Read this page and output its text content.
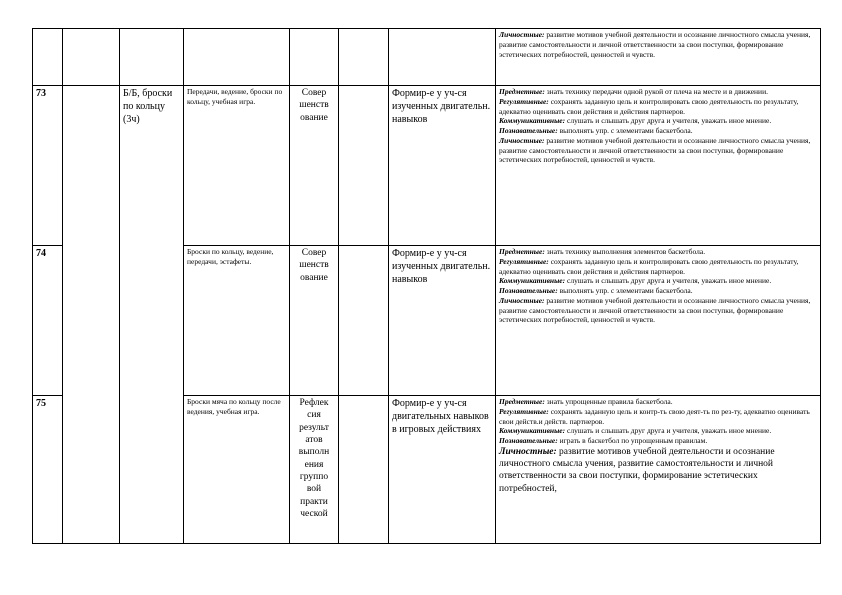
							Личностные: развитие мотивов учебной деятельности и осознание личностного смысла учения, развитие самостоятельности и личной ответственности за свои поступки, формирование эстетических потребностей, ценностей и чувств.

73		Б/Б, броски по кольцу (3ч)	Передачи, ведение, броски по кольцу, учебная игра.	Совер шенств ование		Формир-е у уч-ся изученных двигательн. навыков	Предметные: знать технику передачи одной рукой от плеча на месте и в движении.
Регулятивные: сохранять заданную цель и контролировать свою деятельность по результату, адекватно оценивать свои действия и действия партнеров.
Коммуникативные: слушать и слышать друг друга и учителя, уважать иное мнение.
Познавательные: выполнять упр. с элементами баскетбола.
Личностные: развитие мотивов учебной деятельности и осознание личностного смысла учения, развитие самостоятельности и личной ответственности за свои поступки, формирование эстетических потребностей, ценностей и чувств.

74			Броски по кольцу, ведение, передачи, эстафеты.	Совер шенств ование		Формир-е у уч-ся изученных двигательн. навыков	Предметные: знать технику выполнения элементов баскетбола.
Регулятивные: сохранять заданную цель и контролировать свою деятельность по результату, адекватно оценивать свои действия и действия партнеров.
Коммуникативные: слушать и слышать друг друга и учителя, уважать иное мнение.
Познавательные: выполнять упр. с элементами баскетбола.
Личностные: развитие мотивов учебной деятельности и осознание личностного смысла учения, развитие самостоятельности и личной ответственности за свои поступки, формирование эстетических потребностей, ценностей и чувств.

75			Броски мяча по кольцу после ведения, учебная игра.	Рефлек сия результ атов выполн ения группо вой практи ческой		Формир-е у уч-ся двигательных навыков в игровых действиях	Предметные: знать упрощенные правила баскетбола.
Регулятивные: сохранять заданную цель и контр-ть свою деят-ть по рез-ту, адекватно оценивать свои действ.и действ. партнеров.
Коммуникативные: слушать и слышать друг друга и учителя, уважать иное мнение.
Познавательные: играть в баскетбол по упрощенным правилам.
Личностные: развитие мотивов учебной деятельности и осознание личностного смысла учения, развитие самостоятельности и личной ответственности за свои поступки, формирование эстетических потребностей,
